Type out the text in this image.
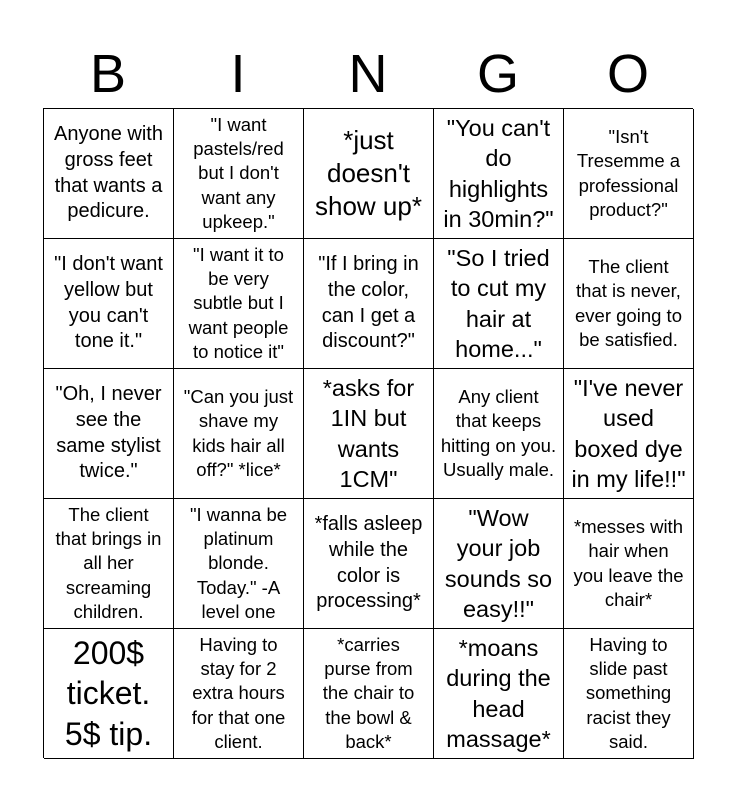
B	I	N	G	O
Anyone with
gross feet
that wants a
pedicure.
"I want
pastels/red
but I don't
want any
upkeep."
*just
doesn't
show up*
"You can't
do
highlights
in 30min?"
"Isn't
Tresemme a
professional
product?"
"I don't want
yellow but
you can't
tone it."
"I want it to
be very
subtle but I
want people
to notice it"
"If I bring in
the color,
can I get a
discount?"
"So I tried
to cut my
hair at
home..."
The client
that is never,
ever going to
be satisfied.
"Oh, I never
see the
same stylist
twice."
"Can you just
shave my
kids hair all
off?" *lice*
*asks for
1IN but
wants
1CM"
Any client
that keeps
hitting on you.
Usually male.
"I've never
used
boxed dye
in my life!!"
The client
that brings in
all her
screaming
children.
"I wanna be
platinum
blonde.
Today." -A
level one
*falls asleep
while the
color is
processing*
"Wow
your job
sounds so
easy!!"
*messes with
hair when
you leave the
chair*
200$
ticket.
5$ tip.
Having to
stay for 2
extra hours
for that one
client.
*carries
purse from
the chair to
the bowl &
back*
*moans
during the
head
massage*
Having to
slide past
something
racist they
said.
